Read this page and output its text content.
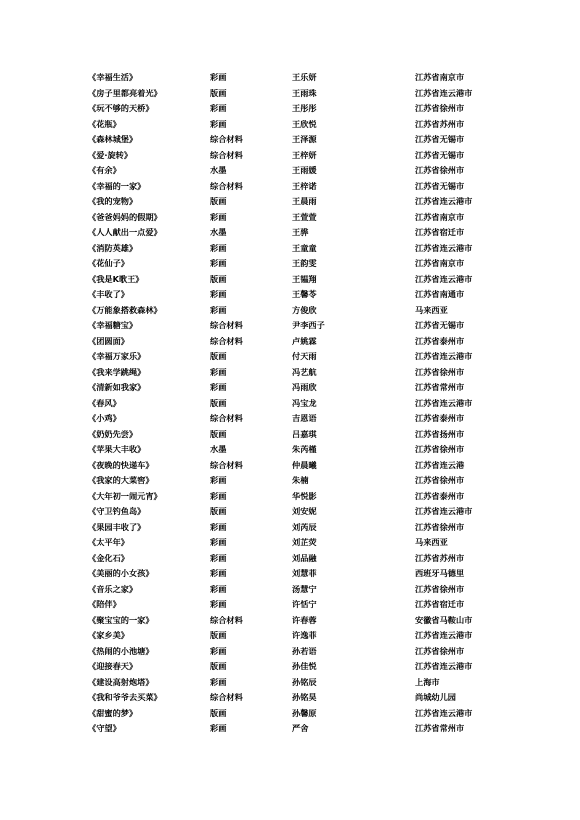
《幸福生活》	彩画	王乐妍	江苏省南京市
《房子里都亮着光》	版画	王雨珠	江苏省连云港市
《玩不够的天桥》	彩画	王彤彤	江苏省徐州市
《花瓶》	彩画	王欣悦	江苏省苏州市
《森林城堡》	综合材料	王泽源	江苏省无锡市
《爱·旋转》	综合材料	王梓妍	江苏省无锡市
《有余》	水墨	王雨媛	江苏省徐州市
《幸福的一家》	综合材料	王梓诺	江苏省无锡市
《我的宠物》	版画	王晨雨	江苏省连云港市
《爸爸妈妈的假期》	彩画	王萱萱	江苏省南京市
《人人献出一点爱》	水墨	王骅	江苏省宿迁市
《消防英雄》	彩画	王童童	江苏省连云港市
《花仙子》	彩画	王韵雯	江苏省南京市
《我是K歌王》	版画	王韫翔	江苏省连云港市
《丰收了》	彩画	王馨苓	江苏省南通市
《万能象搭救森林》	彩画	方俊欣	马来西亚
《幸福糖宝》	综合材料	尹李西子	江苏省无锡市
《团圆面》	综合材料	卢姚霖	江苏省泰州市
《幸福万家乐》	版画	付天雨	江苏省连云港市
《我来学跳绳》	彩画	冯艺航	江苏省徐州市
《清新如我家》	彩画	冯雨欣	江苏省常州市
《春风》	版画	冯宝龙	江苏省连云港市
《小鸡》	综合材料	吉恩语	江苏省泰州市
《奶奶先尝》	版画	吕嘉琪	江苏省扬州市
《苹果大丰收》	水墨	朱芮槿	江苏省徐州市
《夜晚的快递车》	综合材料	仲晨曦	江苏省连云港
《我家的大菜窖》	彩画	朱楠	江苏省徐州市
《大年初一闹元宵》	彩画	华悦影	江苏省泰州市
《守卫钓鱼岛》	版画	刘安妮	江苏省连云港市
《果园丰收了》	彩画	刘芮辰	江苏省徐州市
《太平年》	彩画	刘芷荧	马来西亚
《金化石》	彩画	刘品融	江苏省苏州市
《美丽的小女孩》	彩画	刘慧菲	西班牙马德里
《音乐之家》	彩画	汤慧宁	江苏省徐州市
《陪伴》	彩画	许恬宁	江苏省宿迁市
《聚宝宝的一家》	综合材料	许春蓉	安徽省马鞍山市
《家乡美》	版画	许逸菲	江苏省连云港市
《热闹的小池塘》	彩画	孙若语	江苏省徐州市
《迎接春天》	版画	孙佳悦	江苏省连云港市
《建设高射炮塔》	彩画	孙铭辰	上海市
《我和爷爷去买菜》	综合材料	孙铭昊	尚城幼儿园
《甜蜜的梦》	版画	孙馨原	江苏省连云港市
《守望》	彩画	严舍	江苏省常州市
